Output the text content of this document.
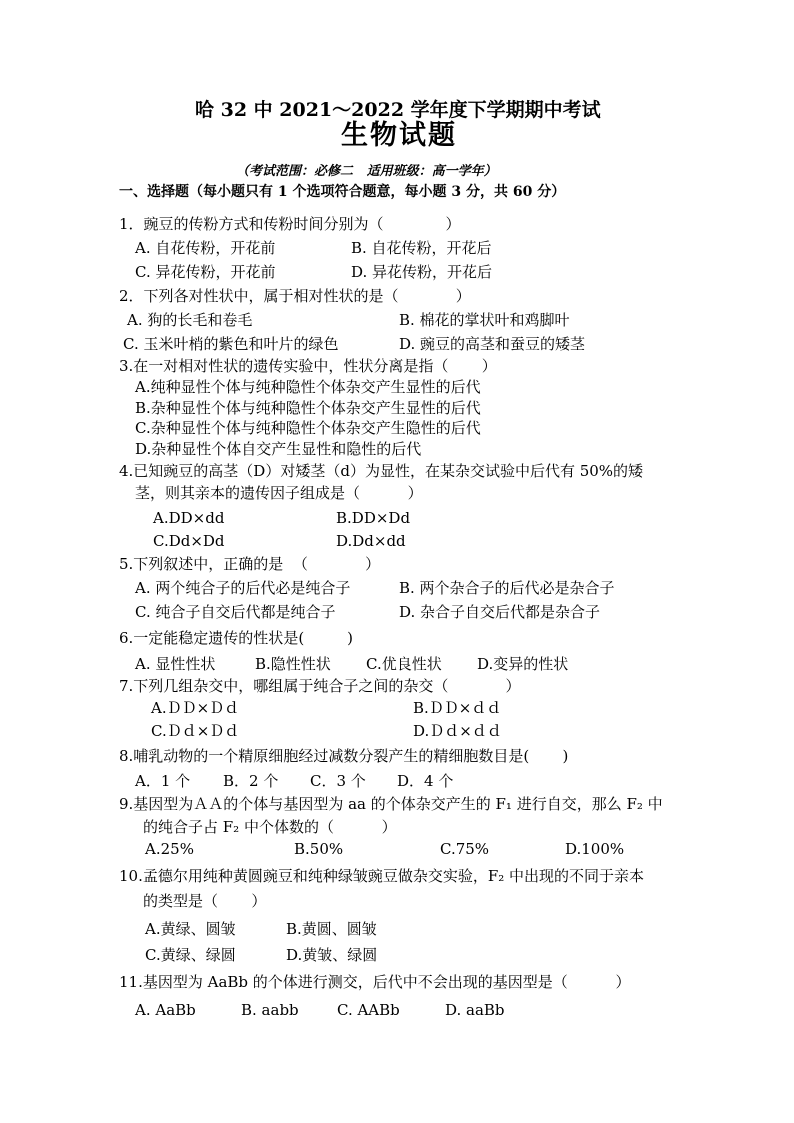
哈 32 中 2021～2022 学年度下学期期中考试
生物试题
（考试范围：必修二   适用班级：高一学年）
一、选择题（每小题只有 1 个选项符合题意，每小题 3 分，共 60 分）
1．豌豆的传粉方式和传粉时间分别为（             ）
A. 自花传粉，开花前	B. 自花传粉，开花后
C. 异花传粉，开花前	D. 异花传粉，开花后
2．下列各对性状中，属于相对性状的是（            ）
A. 狗的长毛和卷毛	B. 棉花的掌状叶和鸡脚叶
C. 玉米叶梢的紫色和叶片的绿色	D. 豌豆的高茎和蚕豆的矮茎
3.在一对相对性状的遗传实验中，性状分离是指（       ）
A.纯种显性个体与纯种隐性个体杂交产生显性的后代
B.杂种显性个体与纯种隐性个体杂交产生显性的后代
C.杂种显性个体与纯种隐性个体杂交产生隐性的后代
D.杂种显性个体自交产生显性和隐性的后代
4.已知豌豆的高茎（D）对矮茎（d）为显性，在某杂交试验中后代有 50%的矮
茎，则其亲本的遗传因子组成是（          ）
A.DD×dd	B.DD×Dd
C.Dd×Dd	D.Dd×dd
5.下列叙述中，正确的是  （            ）
A. 两个纯合子的后代必是纯合子	B. 两个杂合子的后代必是杂合子
C. 纯合子自交后代都是纯合子	D. 杂合子自交后代都是杂合子
6.一定能稳定遗传的性状是(         )
A. 显性性状	B.隐性性状 C.优良性状 D.变异的性状
7.下列几组杂交中，哪组属于纯合子之间的杂交（            ）
A.ＤＤ×Ｄｄ	B.ＤＤ×ｄｄ
C.Ｄｄ×Ｄｄ	D.Ｄｄ×ｄｄ
8.哺乳动物的一个精原细胞经过减数分裂产生的精细胞数目是(       )
A．1 个 B．2 个 C．3 个 D．4 个
9.基因型为ＡＡ的个体与基因型为 aa 的个体杂交产生的 F₁ 进行自交，那么 F₂ 中
的纯合子占 F₂ 中个体数的（          ）
A.25%	B.50%	C.75%	D.100%
10.孟德尔用纯种黄圆豌豆和纯种绿皱豌豆做杂交实验，F₂ 中出现的不同于亲本
的类型是（       ）
A.黄绿、圆皱	B.黄圆、圆皱
C.黄绿、绿圆	D.黄皱、绿圆
11.基因型为 AaBb 的个体进行测交，后代中不会出现的基因型是（          ）
A. AaBb	B. aabb	C. AABb	D. aaBb
